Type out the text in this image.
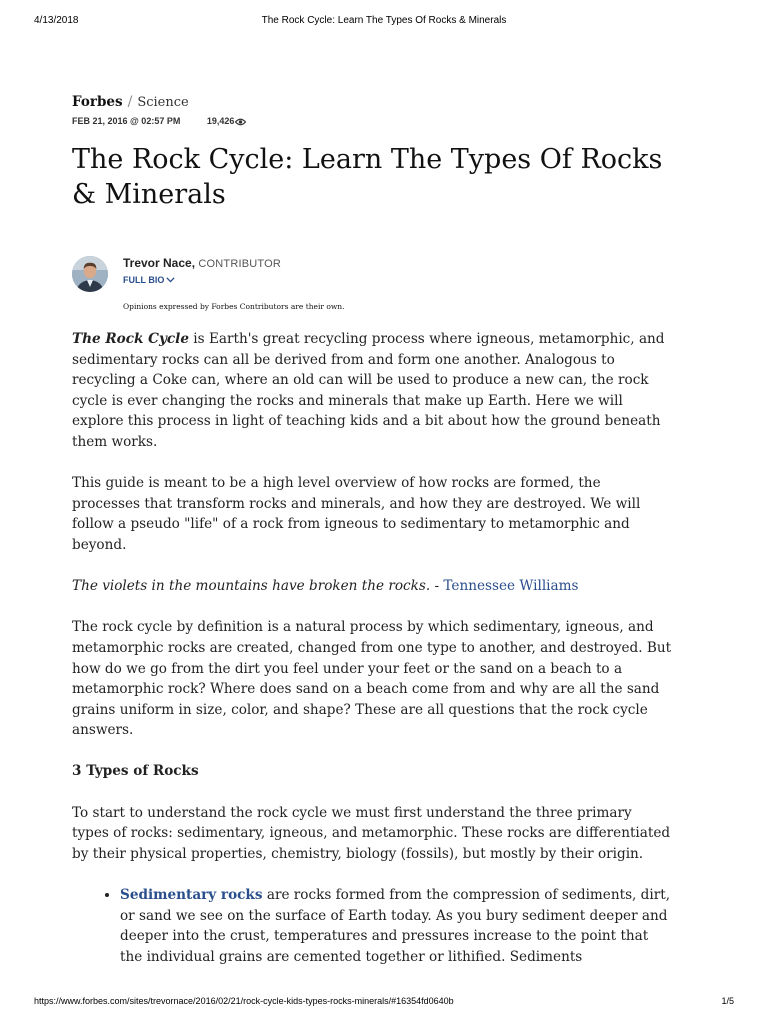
4/13/2018	The Rock Cycle: Learn The Types Of Rocks & Minerals
Forbes / Science
FEB 21, 2016 @ 02:57 PM	19,426
The Rock Cycle: Learn The Types Of Rocks & Minerals
Trevor Nace, CONTRIBUTOR
FULL BIO
Opinions expressed by Forbes Contributors are their own.

The Rock Cycle is Earth's great recycling process where igneous, metamorphic, and sedimentary rocks can all be derived from and form one another. Analogous to recycling a Coke can, where an old can will be used to produce a new can, the rock cycle is ever changing the rocks and minerals that make up Earth. Here we will explore this process in light of teaching kids and a bit about how the ground beneath them works.

This guide is meant to be a high level overview of how rocks are formed, the processes that transform rocks and minerals, and how they are destroyed. We will follow a pseudo "life" of a rock from igneous to sedimentary to metamorphic and beyond.

The violets in the mountains have broken the rocks. - Tennessee Williams

The rock cycle by definition is a natural process by which sedimentary, igneous, and metamorphic rocks are created, changed from one type to another, and destroyed. But how do we go from the dirt you feel under your feet or the sand on a beach to a metamorphic rock? Where does sand on a beach come from and why are all the sand grains uniform in size, color, and shape? These are all questions that the rock cycle answers.

3 Types of Rocks

To start to understand the rock cycle we must first understand the three primary types of rocks: sedimentary, igneous, and metamorphic. These rocks are differentiated by their physical properties, chemistry, biology (fossils), but mostly by their origin.

• Sedimentary rocks are rocks formed from the compression of sediments, dirt, or sand we see on the surface of Earth today. As you bury sediment deeper and deeper into the crust, temperatures and pressures increase to the point that the individual grains are cemented together or lithified. Sediments
https://www.forbes.com/sites/trevornace/2016/02/21/rock-cycle-kids-types-rocks-minerals/#16354fd0640b	1/5
